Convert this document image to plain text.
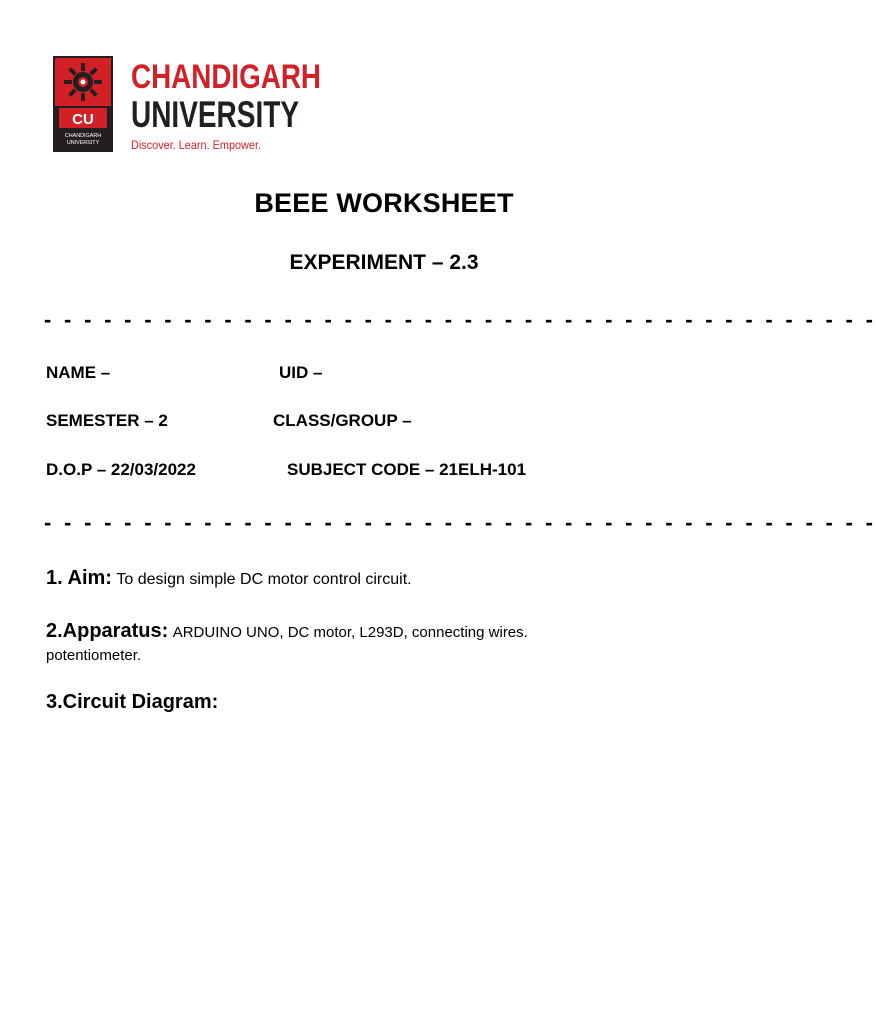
CU
CHANDIGARH
UNIVERSITY
CHANDIGARH
UNIVERSITY
Discover. Learn. Empower.
BEEE WORKSHEET
EXPERIMENT – 2.3
- - - - - - - - - - - - - - - - - - - - - - - - - - - - - - - - - - - - - - - - - -
NAME –	UID –
SEMESTER – 2	CLASS/GROUP –
D.O.P – 22/03/2022	SUBJECT CODE – 21ELH-101
- - - - - - - - - - - - - - - - - - - - - - - - - - - - - - - - - - - - - - - - - -
1. Aim: To design simple DC motor control circuit.
2.Apparatus: ARDUINO UNO, DC motor, L293D, connecting wires.
potentiometer.
3.Circuit Diagram:
